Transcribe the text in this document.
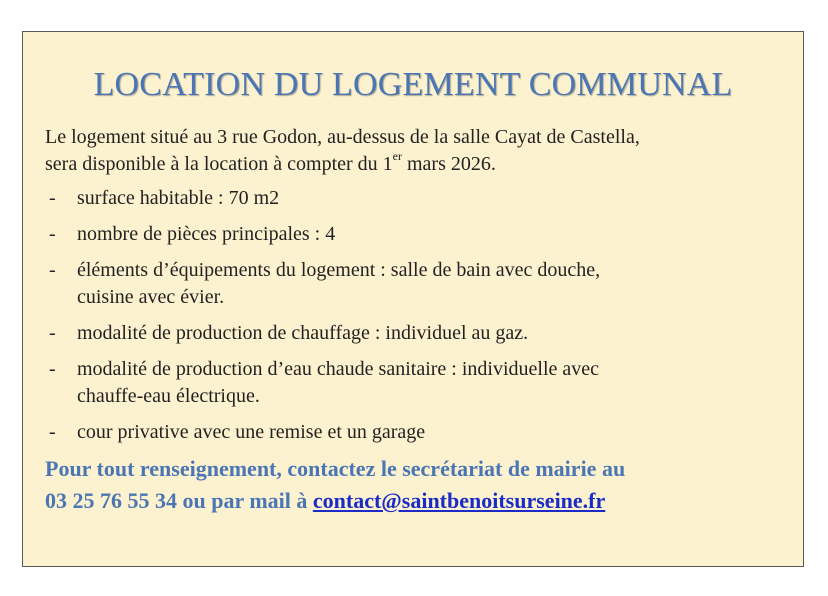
LOCATION DU LOGEMENT COMMUNAL

Le logement situé au 3 rue Godon, au-dessus de la salle Cayat de Castella,
sera disponible à la location à compter du 1er mars 2026.

- surface habitable : 70 m2
- nombre de pièces principales : 4
- éléments d’équipements du logement : salle de bain avec douche,
cuisine avec évier.
- modalité de production de chauffage : individuel au gaz.
- modalité de production d’eau chaude sanitaire : individuelle avec
chauffe-eau électrique.
- cour privative avec une remise et un garage

Pour tout renseignement, contactez le secrétariat de mairie au
03 25 76 55 34 ou par mail à contact@saintbenoitsurseine.fr
